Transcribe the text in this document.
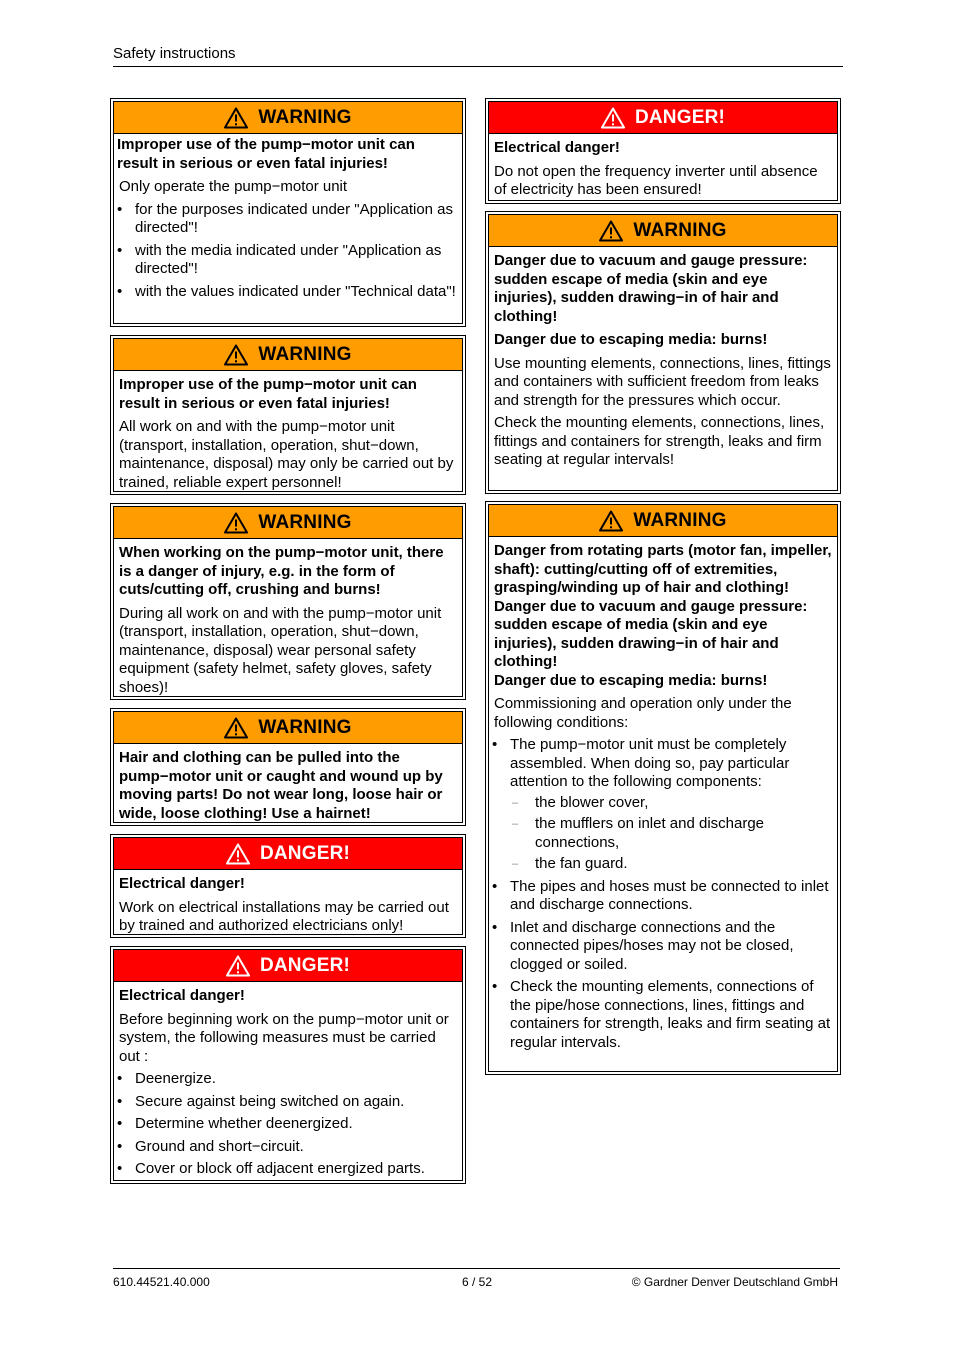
Safety instructions
WARNING
Improper use of the pump−motor unit can result in serious or even fatal injuries!
Only operate the pump−motor unit
• for the purposes indicated under "Application as directed"!
• with the media indicated under "Application as directed"!
• with the values indicated under "Technical data"!
WARNING
Improper use of the pump−motor unit can result in serious or even fatal injuries!
All work on and with the pump−motor unit (transport, installation, operation, shut−down, maintenance, disposal) may only be carried out by trained, reliable expert personnel!
WARNING
When working on the pump−motor unit, there is a danger of injury, e.g. in the form of cuts/cutting off, crushing and burns!
During all work on and with the pump−motor unit (transport, installation, operation, shut−down, maintenance, disposal) wear personal safety equipment (safety helmet, safety gloves, safety shoes)!
WARNING
Hair and clothing can be pulled into the pump−motor unit or caught and wound up by moving parts! Do not wear long, loose hair or wide, loose clothing! Use a hairnet!
DANGER!
Electrical danger!
Work on electrical installations may be carried out by trained and authorized electricians only!
DANGER!
Electrical danger!
Before beginning work on the pump−motor unit or system, the following measures must be carried out :
• Deenergize.
• Secure against being switched on again.
• Determine whether deenergized.
• Ground and short−circuit.
• Cover or block off adjacent energized parts.
DANGER!
Electrical danger!
Do not open the frequency inverter until absence of electricity has been ensured!
WARNING
Danger due to vacuum and gauge pressure: sudden escape of media (skin and eye injuries), sudden drawing−in of hair and clothing!
Danger due to escaping media: burns!
Use mounting elements, connections, lines, fittings and containers with sufficient freedom from leaks and strength for the pressures which occur.
Check the mounting elements, connections, lines, fittings and containers for strength, leaks and firm seating at regular intervals!
WARNING
Danger from rotating parts (motor fan, impeller, shaft): cutting/cutting off of extremities, grasping/winding up of hair and clothing!
Danger due to vacuum and gauge pressure: sudden escape of media (skin and eye injuries), sudden drawing−in of hair and clothing!
Danger due to escaping media: burns!
Commissioning and operation only under the following conditions:
• The pump−motor unit must be completely assembled. When doing so, pay particular attention to the following components:
– the blower cover,
– the mufflers on inlet and discharge connections,
– the fan guard.
• The pipes and hoses must be connected to inlet and discharge connections.
• Inlet and discharge connections and the connected pipes/hoses may not be closed, clogged or soiled.
• Check the mounting elements, connections of the pipe/hose connections, lines, fittings and containers for strength, leaks and firm seating at regular intervals.
610.44521.40.000	6 / 52	© Gardner Denver Deutschland GmbH
